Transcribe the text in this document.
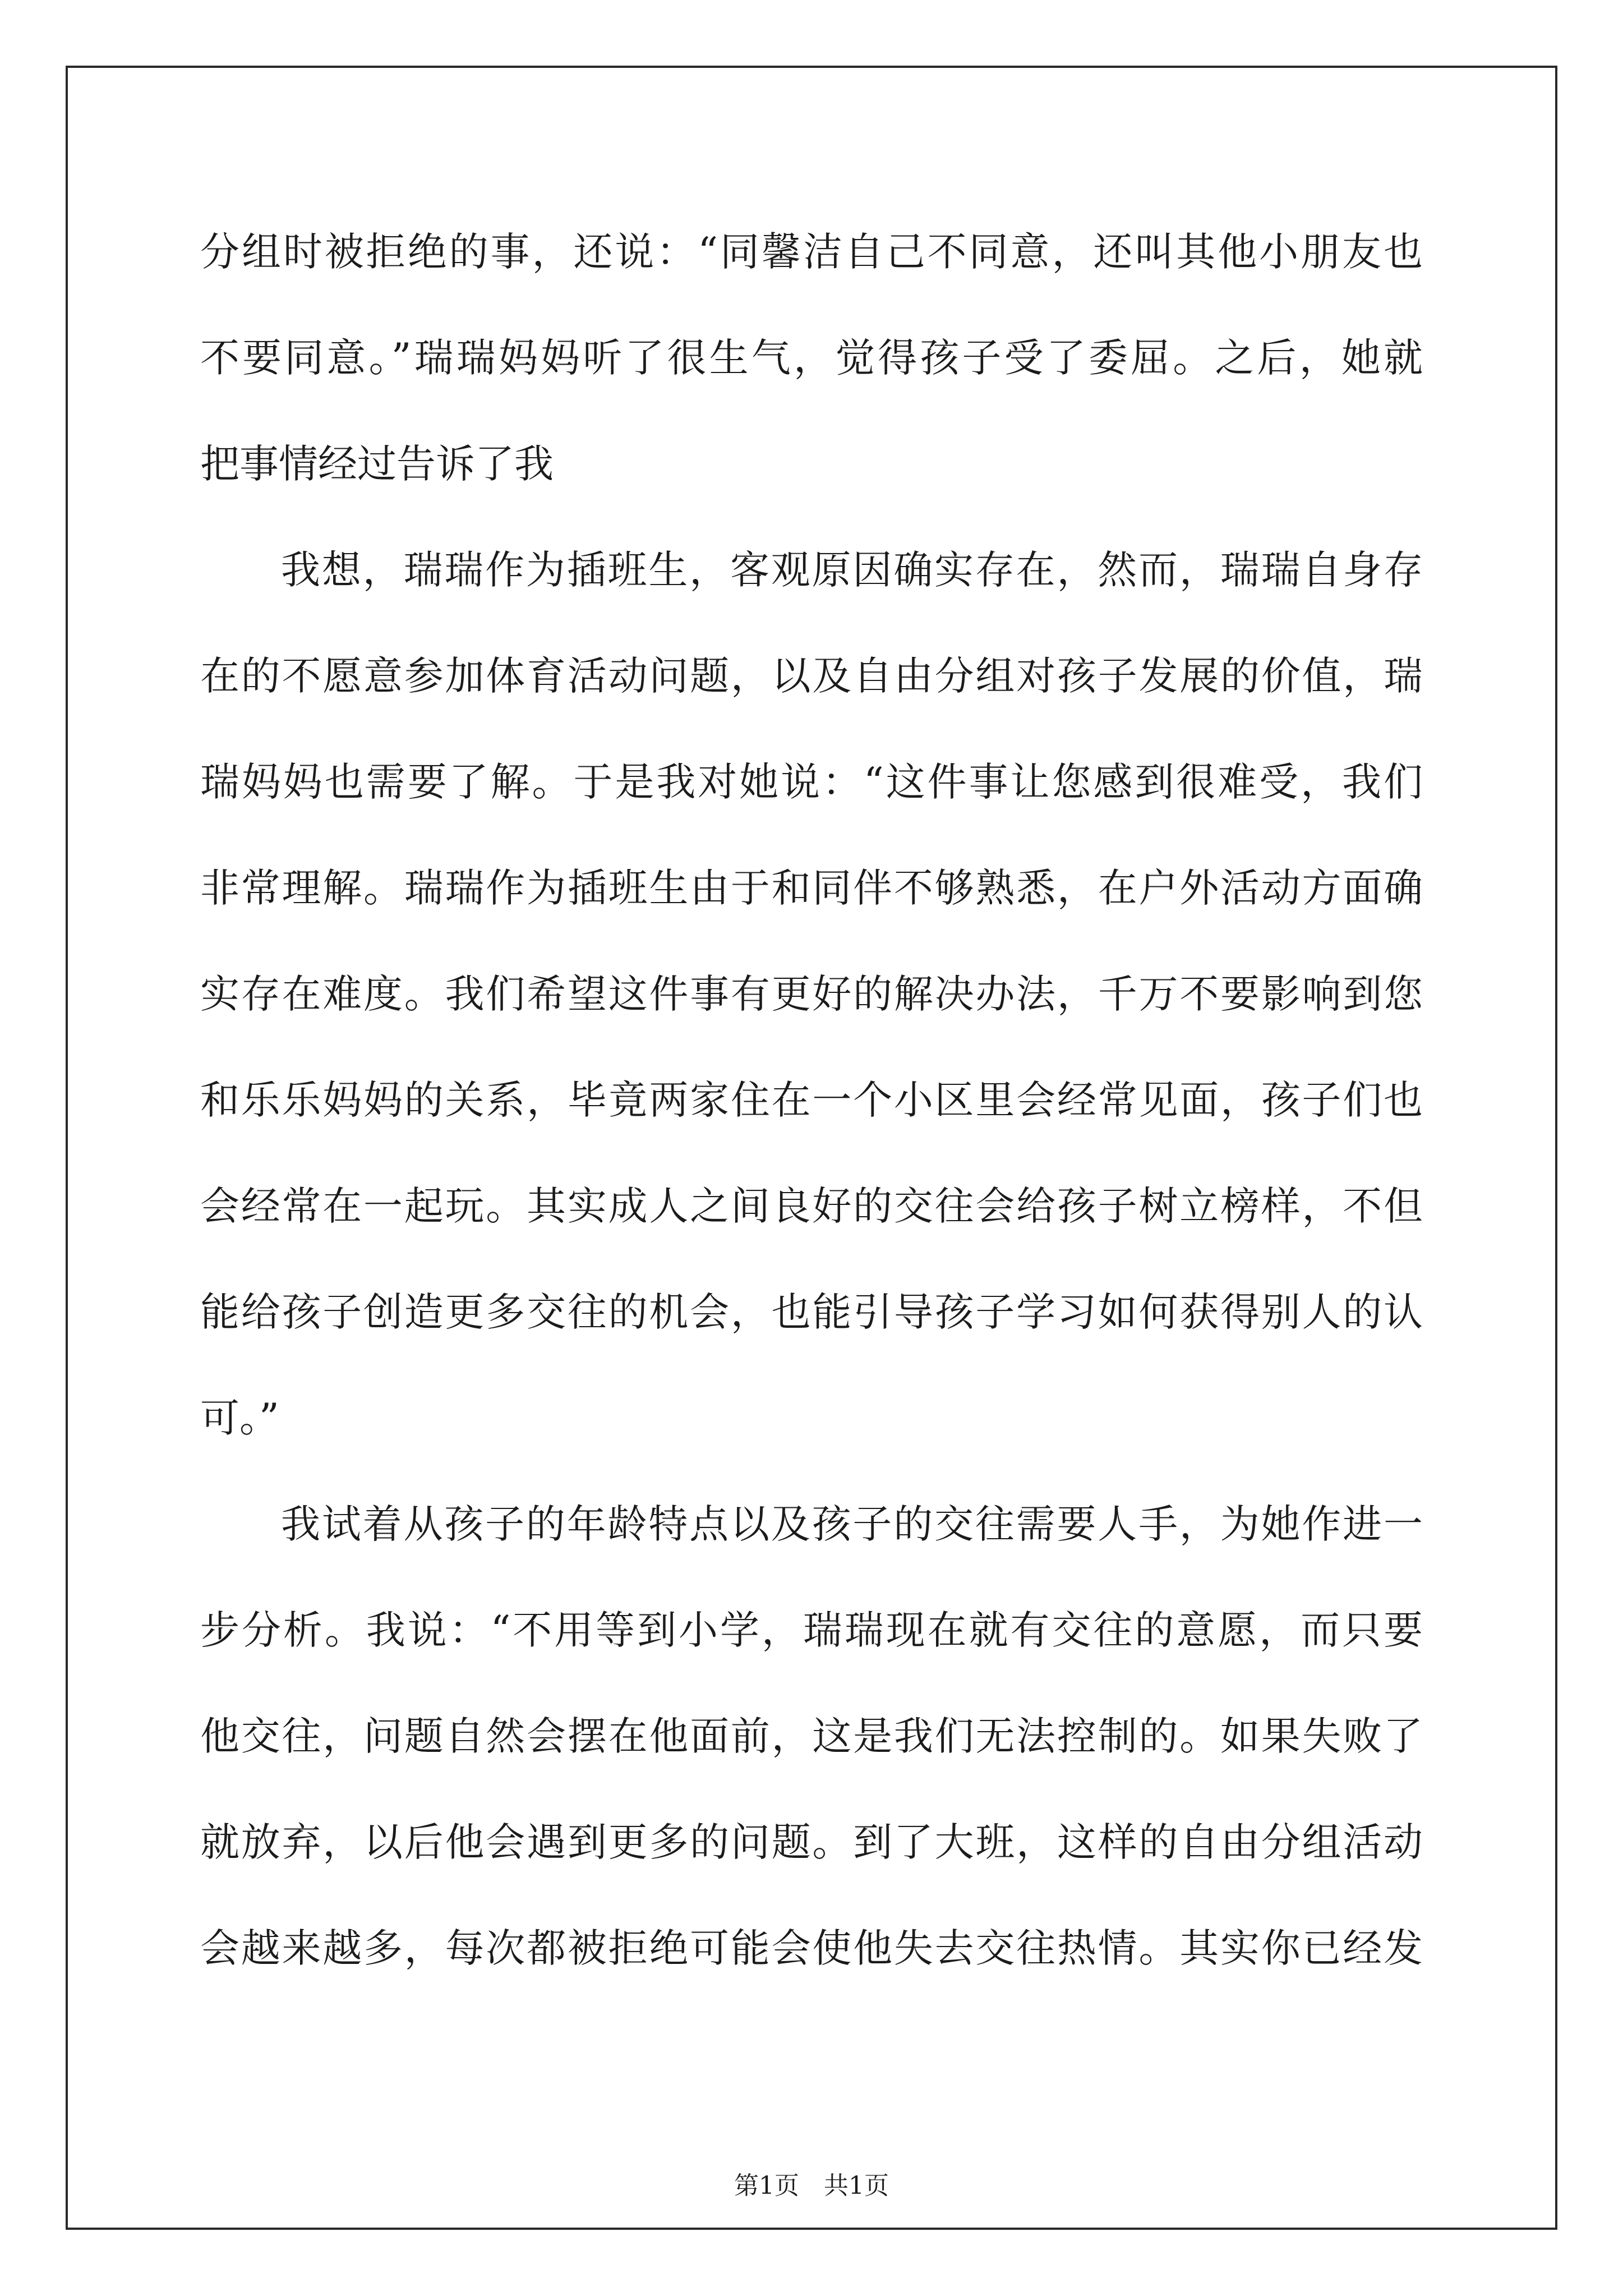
分组时被拒绝的事，还说：“同馨洁自己不同意，还叫其他小朋友也
不要同意。”瑞瑞妈妈听了很生气，觉得孩子受了委屈。之后，她就
把事情经过告诉了我
我想，瑞瑞作为插班生，客观原因确实存在，然而，瑞瑞自身存
在的不愿意参加体育活动问题，以及自由分组对孩子发展的价值，瑞
瑞妈妈也需要了解。于是我对她说：“这件事让您感到很难受，我们
非常理解。瑞瑞作为插班生由于和同伴不够熟悉，在户外活动方面确
实存在难度。我们希望这件事有更好的解决办法，千万不要影响到您
和乐乐妈妈的关系，毕竟两家住在一个小区里会经常见面，孩子们也
会经常在一起玩。其实成人之间良好的交往会给孩子树立榜样，不但
能给孩子创造更多交往的机会，也能引导孩子学习如何获得别人的认
可。”
我试着从孩子的年龄特点以及孩子的交往需要人手，为她作进一
步分析。我说：“不用等到小学，瑞瑞现在就有交往的意愿，而只要
他交往，问题自然会摆在他面前，这是我们无法控制的。如果失败了
就放弃，以后他会遇到更多的问题。到了大班，这样的自由分组活动
会越来越多，每次都被拒绝可能会使他失去交往热情。其实你已经发
第1页　共1页
